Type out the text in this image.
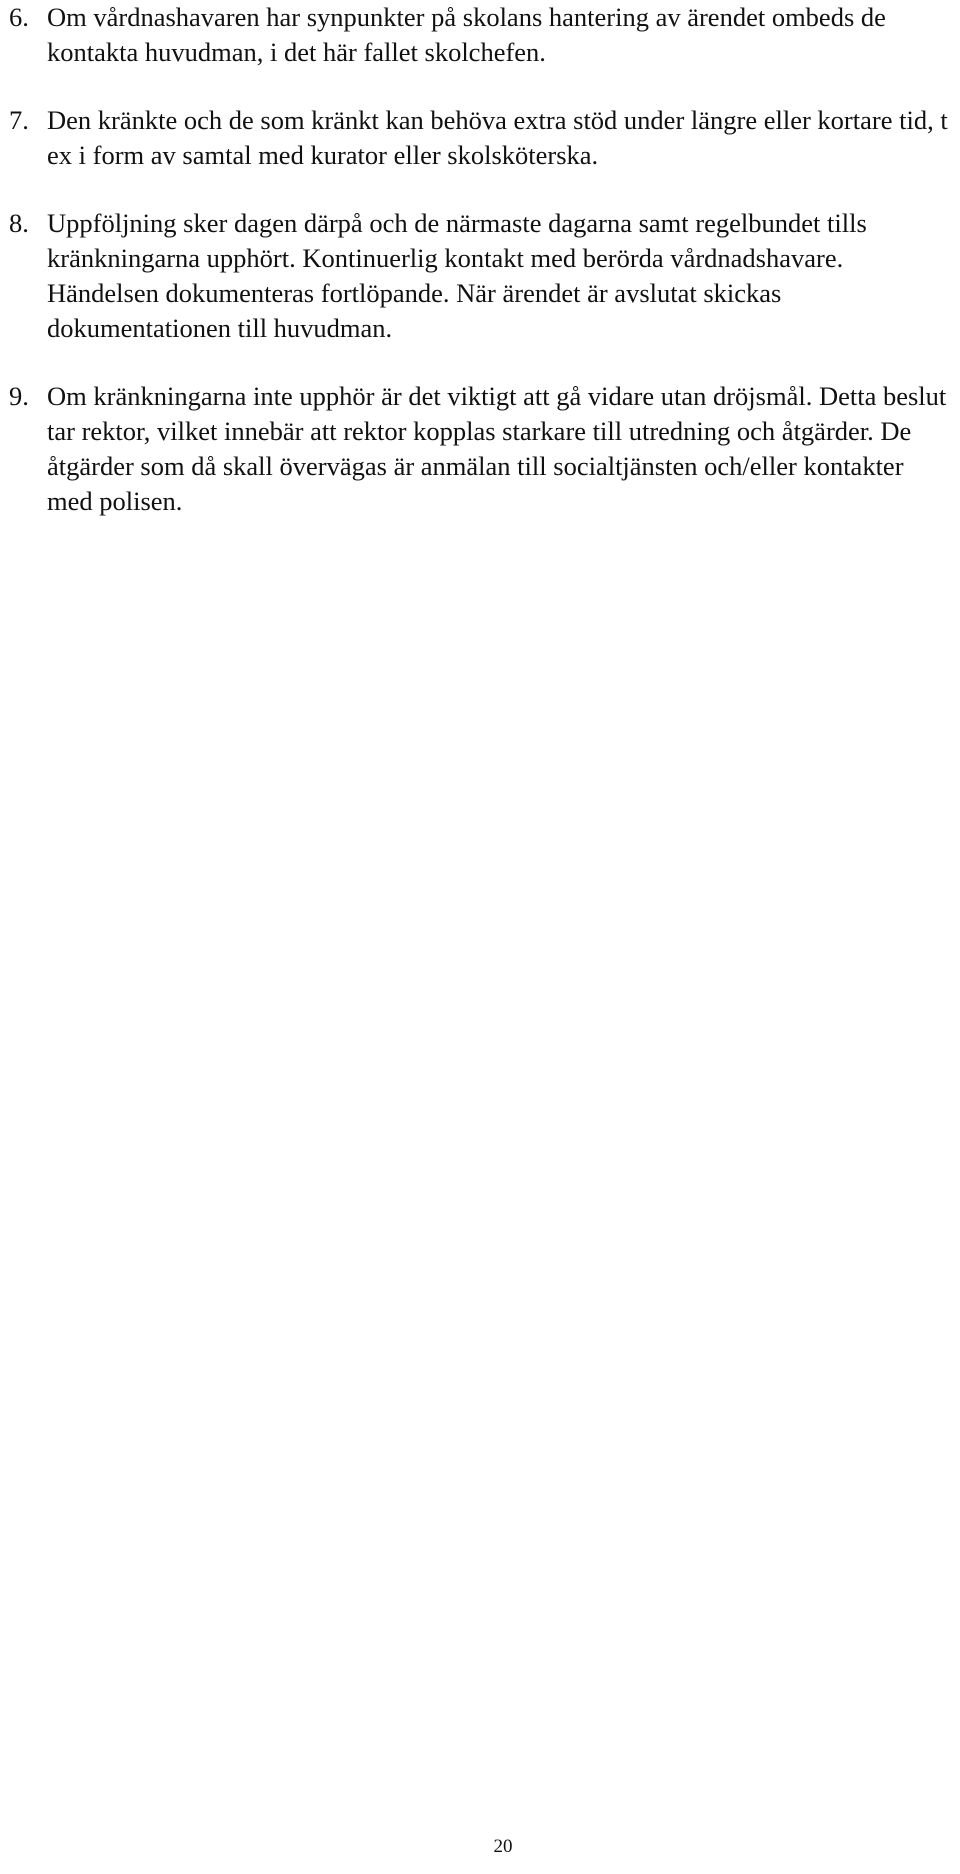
6. Om vårdnashavaren har synpunkter på skolans hantering av ärendet ombeds de kontakta huvudman, i det här fallet skolchefen.
7. Den kränkte och de som kränkt kan behöva extra stöd under längre eller kortare tid, t ex i form av samtal med kurator eller skolsköterska.
8. Uppföljning sker dagen därpå och de närmaste dagarna samt regelbundet tills kränkningarna upphört. Kontinuerlig kontakt med berörda vårdnadshavare. Händelsen dokumenteras fortlöpande. När ärendet är avslutat skickas dokumentationen till huvudman.
9. Om kränkningarna inte upphör är det viktigt att gå vidare utan dröjsmål. Detta beslut tar rektor, vilket innebär att rektor kopplas starkare till utredning och åtgärder. De åtgärder som då skall övervägas är anmälan till socialtjänsten och/eller kontakter med polisen.
20
